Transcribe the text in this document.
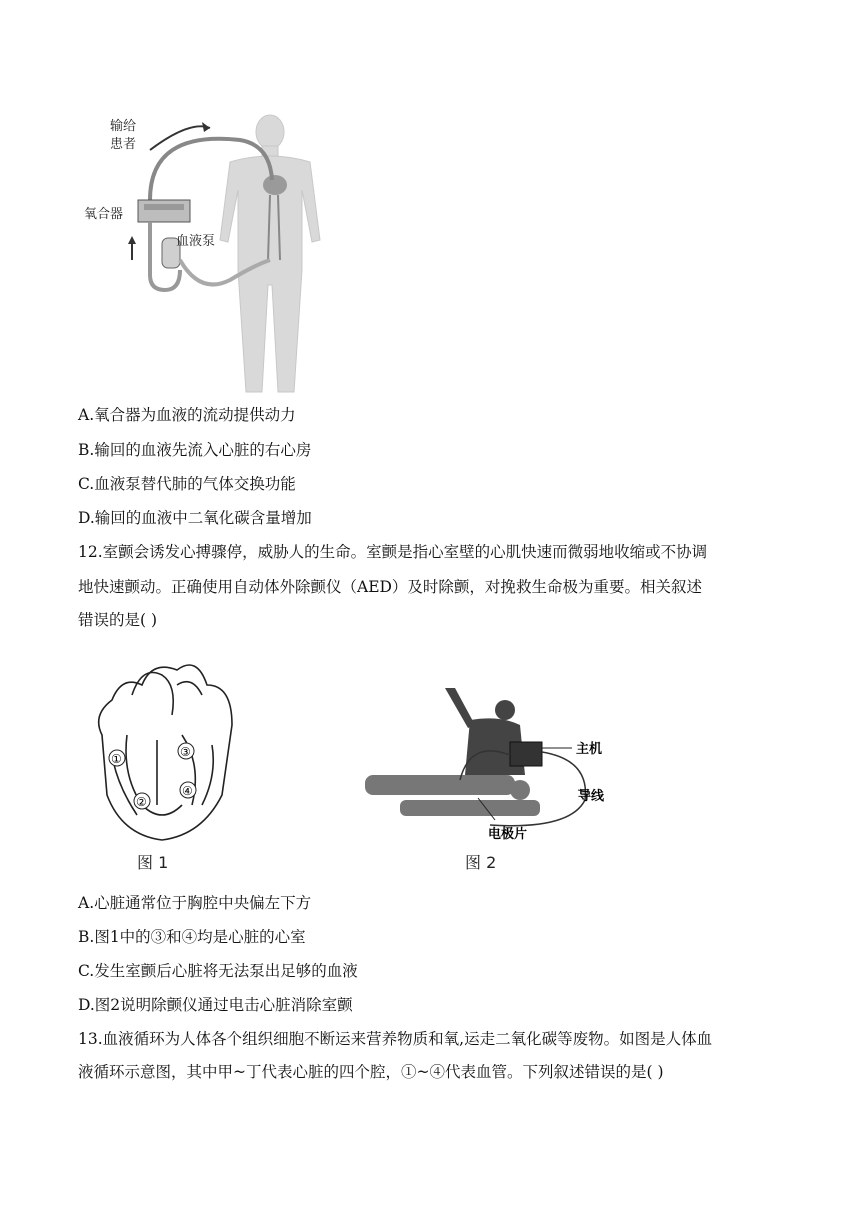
输给
患者
氧合器
血液泵
A.氧合器为血液的流动提供动力
B.输回的血液先流入心脏的右心房
C.血液泵替代肺的气体交换功能
D.输回的血液中二氧化碳含量增加
12.室颤会诱发心搏骤停，威胁人的生命。室颤是指心室壁的心肌快速而微弱地收缩或不协调
地快速颤动。正确使用自动体外除颤仪（AED）及时除颤，对挽救生命极为重要。相关叙述
错误的是( )
①
②
③
④
图 1
主机
导线
电极片
图 2
A.心脏通常位于胸腔中央偏左下方
B.图1中的③和④均是心脏的心室
C.发生室颤后心脏将无法泵出足够的血液
D.图2说明除颤仪通过电击心脏消除室颤
13.血液循环为人体各个组织细胞不断运来营养物质和氧,运走二氧化碳等废物。如图是人体血
液循环示意图，其中甲~丁代表心脏的四个腔，①~④代表血管。下列叙述错误的是( )
